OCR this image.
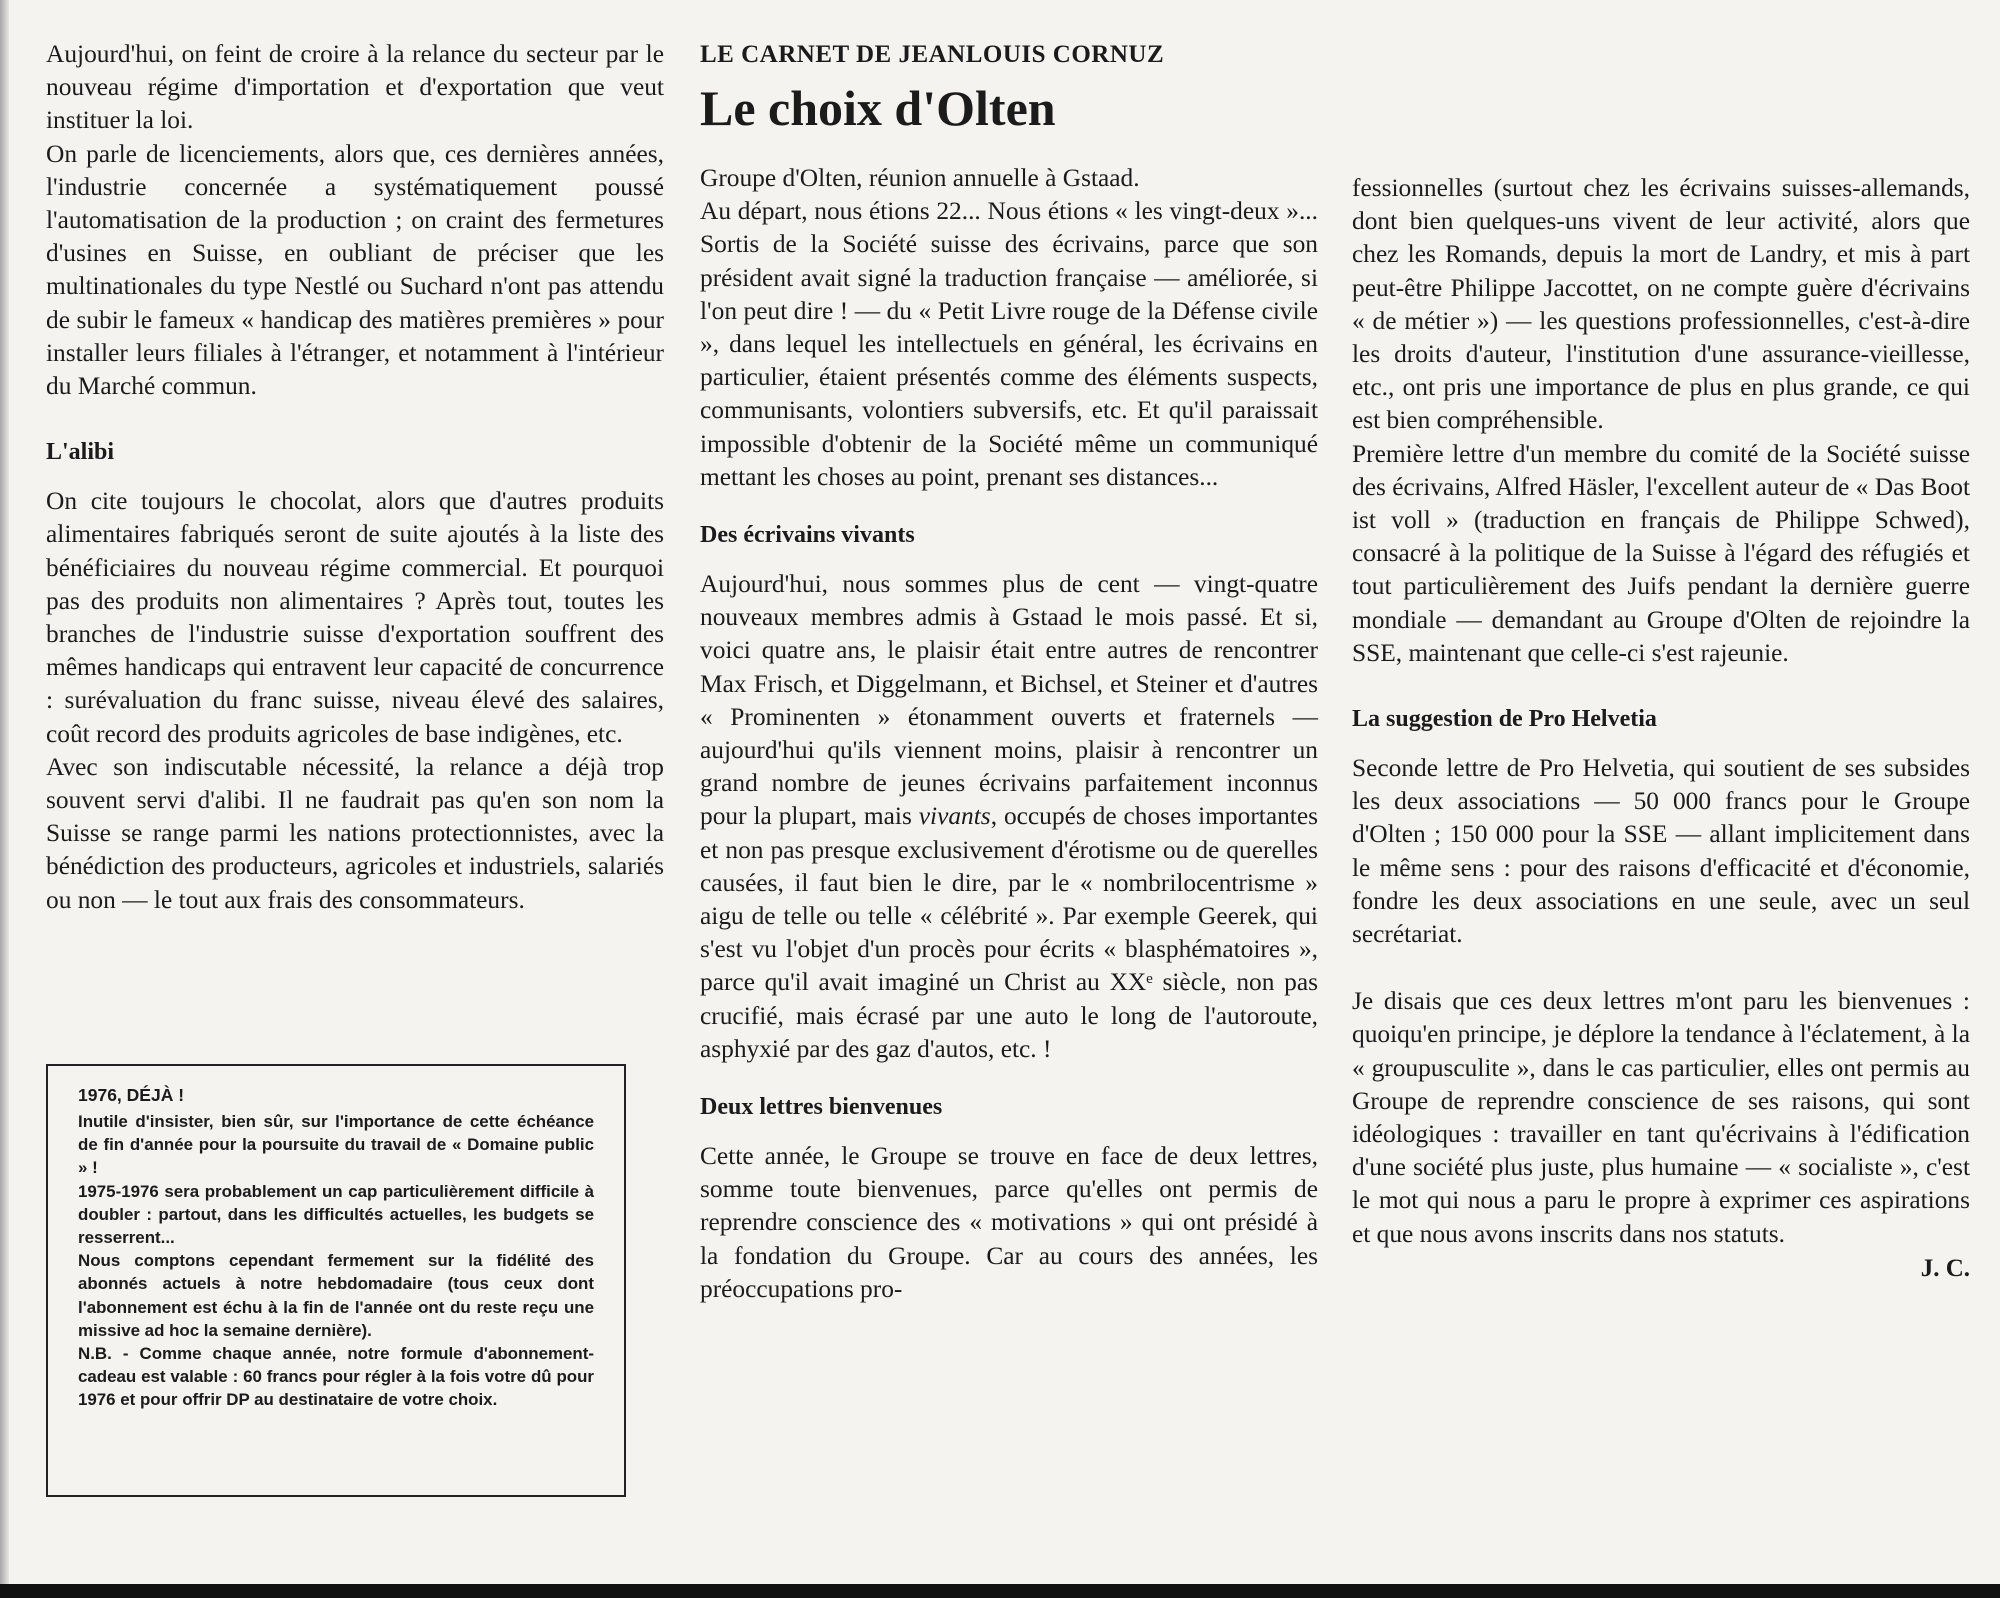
Aujourd'hui, on feint de croire à la relance du secteur par le nouveau régime d'importation et d'exportation que veut instituer la loi.

On parle de licenciements, alors que, ces dernières années, l'industrie concernée a systématiquement poussé l'automatisation de la production ; on craint des fermetures d'usines en Suisse, en oubliant de préciser que les multinationales du type Nestlé ou Suchard n'ont pas attendu de subir le fameux « handicap des matières premières » pour installer leurs filiales à l'étranger, et notamment à l'intérieur du Marché commun.

L'alibi

On cite toujours le chocolat, alors que d'autres produits alimentaires fabriqués seront de suite ajoutés à la liste des bénéficiaires du nouveau régime commercial. Et pourquoi pas des produits non alimentaires ? Après tout, toutes les branches de l'industrie suisse d'exportation souffrent des mêmes handicaps qui entravent leur capacité de concurrence : surévaluation du franc suisse, niveau élevé des salaires, coût record des produits agricoles de base indigènes, etc.

Avec son indiscutable nécessité, la relance a déjà trop souvent servi d'alibi. Il ne faudrait pas qu'en son nom la Suisse se range parmi les nations protectionnistes, avec la bénédiction des producteurs, agricoles et industriels, salariés ou non — le tout aux frais des consommateurs.

1976, DÉJÀ !

Inutile d'insister, bien sûr, sur l'importance de cette échéance de fin d'année pour la poursuite du travail de « Domaine public » !

1975-1976 sera probablement un cap particulièrement difficile à doubler : partout, dans les difficultés actuelles, les budgets se resserrent...

Nous comptons cependant fermement sur la fidélité des abonnés actuels à notre hebdomadaire (tous ceux dont l'abonnement est échu à la fin de l'année ont du reste reçu une missive ad hoc la semaine dernière).

N.B. - Comme chaque année, notre formule d'abonnement-cadeau est valable : 60 francs pour régler à la fois votre dû pour 1976 et pour offrir DP au destinataire de votre choix.

LE CARNET DE JEANLOUIS CORNUZ
Le choix d'Olten

Groupe d'Olten, réunion annuelle à Gstaad.

Au départ, nous étions 22... Nous étions « les vingt-deux »... Sortis de la Société suisse des écrivains, parce que son président avait signé la traduction française — améliorée, si l'on peut dire ! — du « Petit Livre rouge de la Défense civile », dans lequel les intellectuels en général, les écrivains en particulier, étaient présentés comme des éléments suspects, communisants, volontiers subversifs, etc. Et qu'il paraissait impossible d'obtenir de la Société même un communiqué mettant les choses au point, prenant ses distances...

Des écrivains vivants

Aujourd'hui, nous sommes plus de cent — vingt-quatre nouveaux membres admis à Gstaad le mois passé. Et si, voici quatre ans, le plaisir était entre autres de rencontrer Max Frisch, et Diggelmann, et Bichsel, et Steiner et d'autres « Prominenten » étonamment ouverts et fraternels — aujourd'hui qu'ils viennent moins, plaisir à rencontrer un grand nombre de jeunes écrivains parfaitement inconnus pour la plupart, mais vivants, occupés de choses importantes et non pas presque exclusivement d'érotisme ou de querelles causées, il faut bien le dire, par le « nombrilocentrisme » aigu de telle ou telle « célébrité ». Par exemple Geerek, qui s'est vu l'objet d'un procès pour écrits « blasphématoires », parce qu'il avait imaginé un Christ au XXᵉ siècle, non pas crucifié, mais écrasé par une auto le long de l'autoroute, asphyxié par des gaz d'autos, etc. !

Deux lettres bienvenues

Cette année, le Groupe se trouve en face de deux lettres, somme toute bienvenues, parce qu'elles ont permis de reprendre conscience des « motivations » qui ont présidé à la fondation du Groupe. Car au cours des années, les préoccupations pro-

fessionnelles (surtout chez les écrivains suisses-allemands, dont bien quelques-uns vivent de leur activité, alors que chez les Romands, depuis la mort de Landry, et mis à part peut-être Philippe Jaccottet, on ne compte guère d'écrivains « de métier ») — les questions professionnelles, c'est-à-dire les droits d'auteur, l'institution d'une assurance-vieillesse, etc., ont pris une importance de plus en plus grande, ce qui est bien compréhensible.

Première lettre d'un membre du comité de la Société suisse des écrivains, Alfred Häsler, l'excellent auteur de « Das Boot ist voll » (traduction en français de Philippe Schwed), consacré à la politique de la Suisse à l'égard des réfugiés et tout particulièrement des Juifs pendant la dernière guerre mondiale — demandant au Groupe d'Olten de rejoindre la SSE, maintenant que celle-ci s'est rajeunie.

La suggestion de Pro Helvetia

Seconde lettre de Pro Helvetia, qui soutient de ses subsides les deux associations — 50 000 francs pour le Groupe d'Olten ; 150 000 pour la SSE — allant implicitement dans le même sens : pour des raisons d'efficacité et d'économie, fondre les deux associations en une seule, avec un seul secrétariat.

Je disais que ces deux lettres m'ont paru les bienvenues : quoiqu'en principe, je déplore la tendance à l'éclatement, à la « groupusculite », dans le cas particulier, elles ont permis au Groupe de reprendre conscience de ses raisons, qui sont idéologiques : travailler en tant qu'écrivains à l'édification d'une société plus juste, plus humaine — « socialiste », c'est le mot qui nous a paru le propre à exprimer ces aspirations et que nous avons inscrits dans nos statuts.

J. C.
